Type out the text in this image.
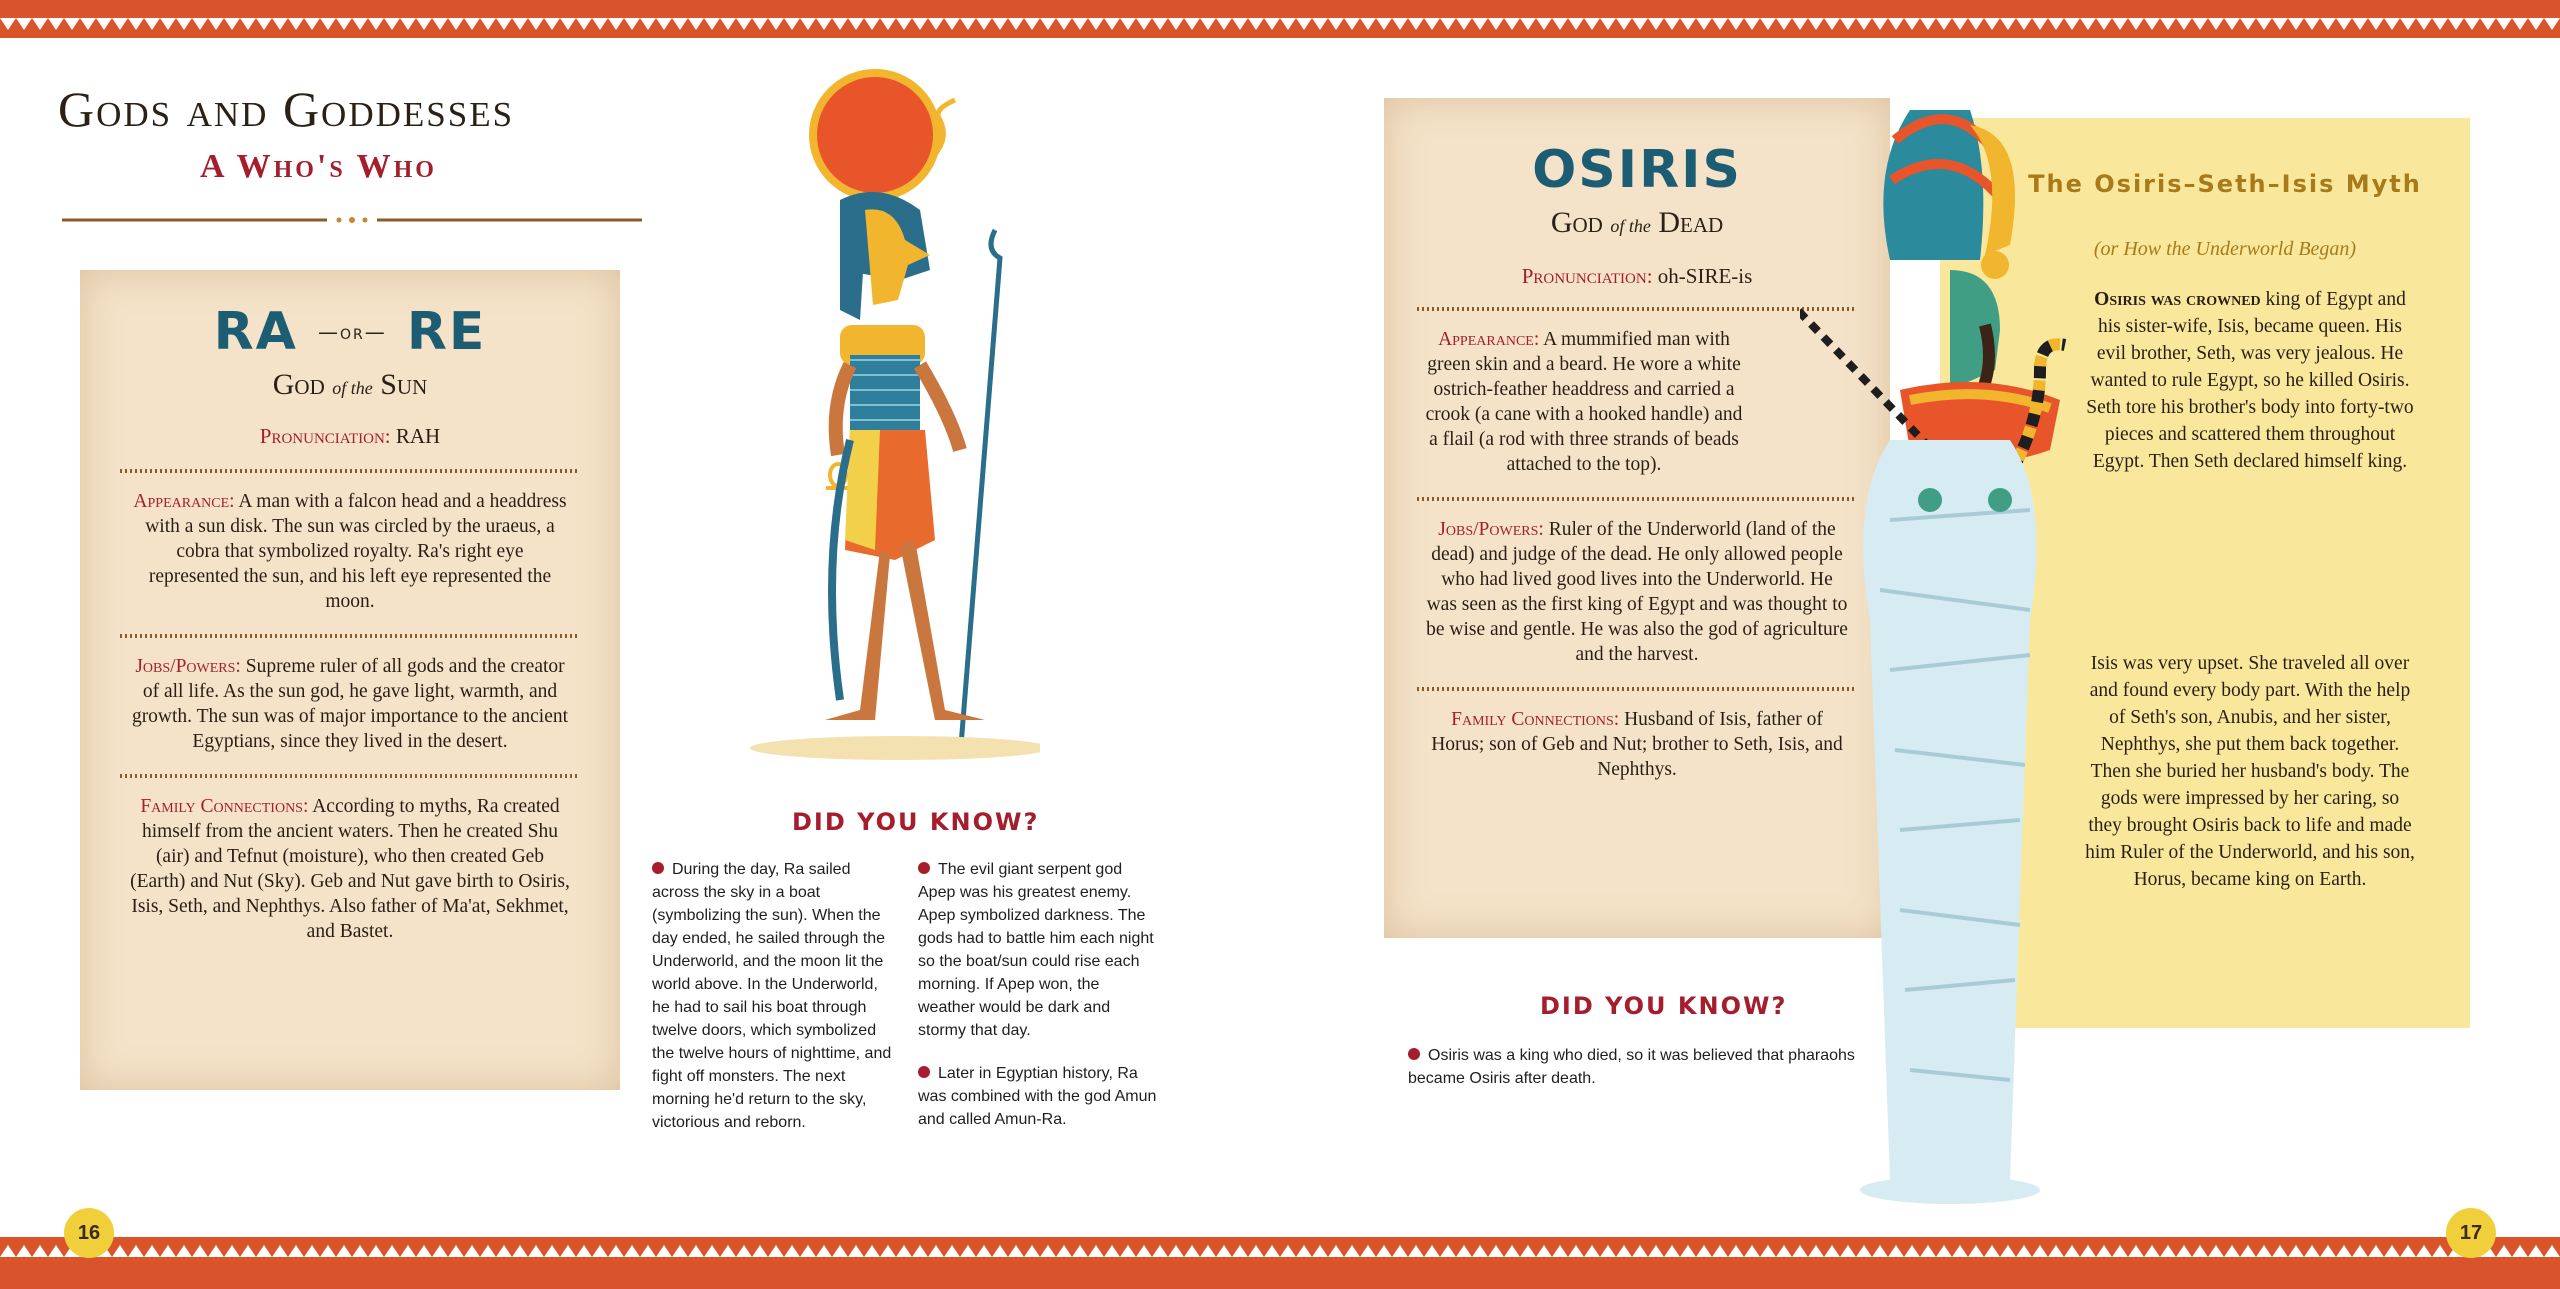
Gods and Goddesses
A Who's Who
RA —or— RE
God of the Sun
Pronunciation: RAH
Appearance: A man with a falcon head and a headdress with a sun disk. The sun was circled by the uraeus, a cobra that symbolized royalty. Ra's right eye represented the sun, and his left eye represented the moon.
Jobs/Powers: Supreme ruler of all gods and the creator of all life. As the sun god, he gave light, warmth, and growth. The sun was of major importance to the ancient Egyptians, since they lived in the desert.
Family Connections: According to myths, Ra created himself from the ancient waters. Then he created Shu (air) and Tefnut (moisture), who then created Geb (Earth) and Nut (Sky). Geb and Nut gave birth to Osiris, Isis, Seth, and Nephthys. Also father of Ma'at, Sekhmet, and Bastet.
DID YOU KNOW?

During the day, Ra sailed across the sky in a boat (symbolizing the sun). When the day ended, he sailed through the Underworld, and the moon lit the world above. In the Underworld, he had to sail his boat through twelve doors, which symbolized the twelve hours of nighttime, and fight off monsters. The next morning he'd return to the sky, victorious and reborn.

The evil giant serpent god Apep was his greatest enemy. Apep symbolized darkness. The gods had to battle him each night so the boat/sun could rise each morning. If Apep won, the weather would be dark and stormy that day.

Later in Egyptian history, Ra was combined with the god Amun and called Amun-Ra.

16
OSIRIS
God of the Dead
Pronunciation: oh-SIRE-is
Appearance: A mummified man with green skin and a beard. He wore a white ostrich-feather headdress and carried a crook (a cane with a hooked handle) and a flail (a rod with three strands of beads attached to the top).
Jobs/Powers: Ruler of the Underworld (land of the dead) and judge of the dead. He only allowed people who had lived good lives into the Underworld. He was seen as the first king of Egypt and was thought to be wise and gentle. He was also the god of agriculture and the harvest.
Family Connections: Husband of Isis, father of Horus; son of Geb and Nut; brother to Seth, Isis, and Nephthys.
The Osiris–Seth–Isis Myth
(or How the Underworld Began)
Osiris was crowned king of Egypt and his sister-wife, Isis, became queen. His evil brother, Seth, was very jealous. He wanted to rule Egypt, so he killed Osiris. Seth tore his brother's body into forty-two pieces and scattered them throughout Egypt. Then Seth declared himself king.
Isis was very upset. She traveled all over and found every body part. With the help of Seth's son, Anubis, and her sister, Nephthys, she put them back together. Then she buried her husband's body. The gods were impressed by her caring, so they brought Osiris back to life and made him Ruler of the Underworld, and his son, Horus, became king on Earth.
DID YOU KNOW?

Osiris was a king who died, so it was believed that pharaohs became Osiris after death.

17
